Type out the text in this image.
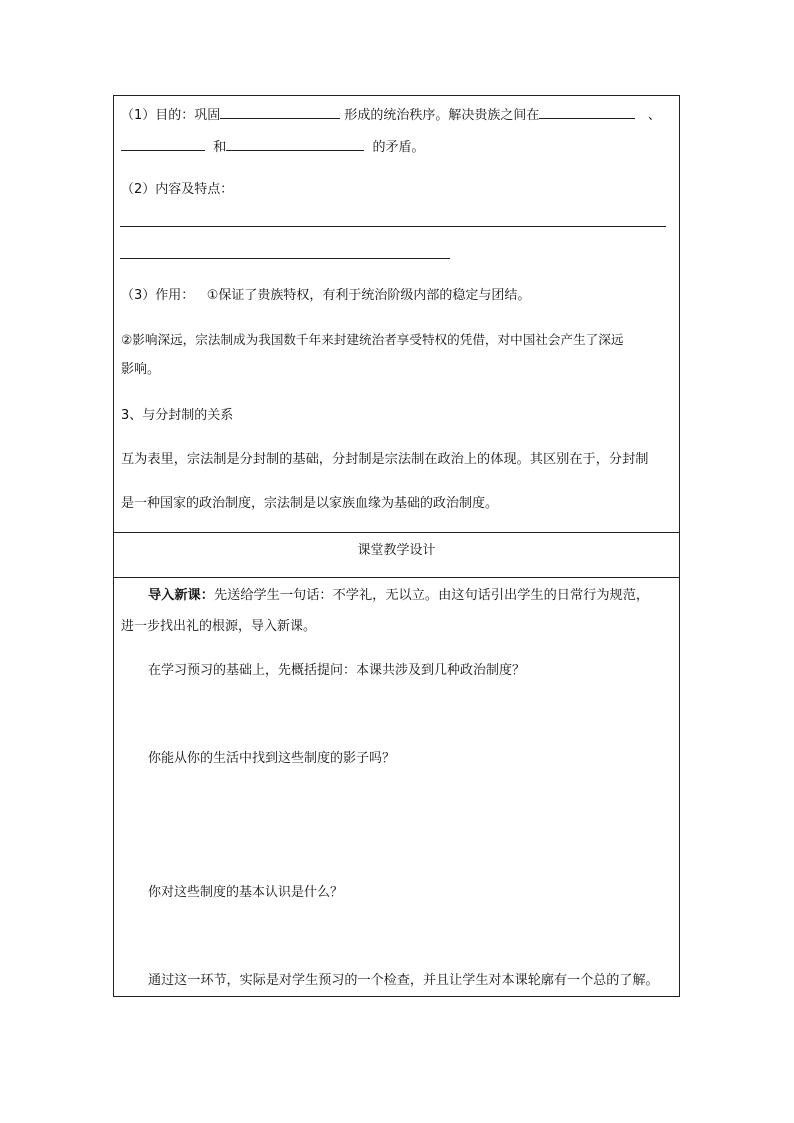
（1）目的：巩固	形成的统治秩序。解决贵族之间在	、
和	的矛盾。
（2）内容及特点：
（3）作用： ①保证了贵族特权，有利于统治阶级内部的稳定与团结。
②影响深远，宗法制成为我国数千年来封建统治者享受特权的凭借，对中国社会产生了深远
影响。
3、与分封制的关系
互为表里，宗法制是分封制的基础，分封制是宗法制在政治上的体现。其区别在于，分封制
是一种国家的政治制度，宗法制是以家族血缘为基础的政治制度。
课堂教学设计
导入新课：先送给学生一句话：不学礼，无以立。由这句话引出学生的日常行为规范，
进一步找出礼的根源，导入新课。
在学习预习的基础上，先概括提问：本课共涉及到几种政治制度？
你能从你的生活中找到这些制度的影子吗？
你对这些制度的基本认识是什么？
通过这一环节，实际是对学生预习的一个检查，并且让学生对本课轮廓有一个总的了解。
